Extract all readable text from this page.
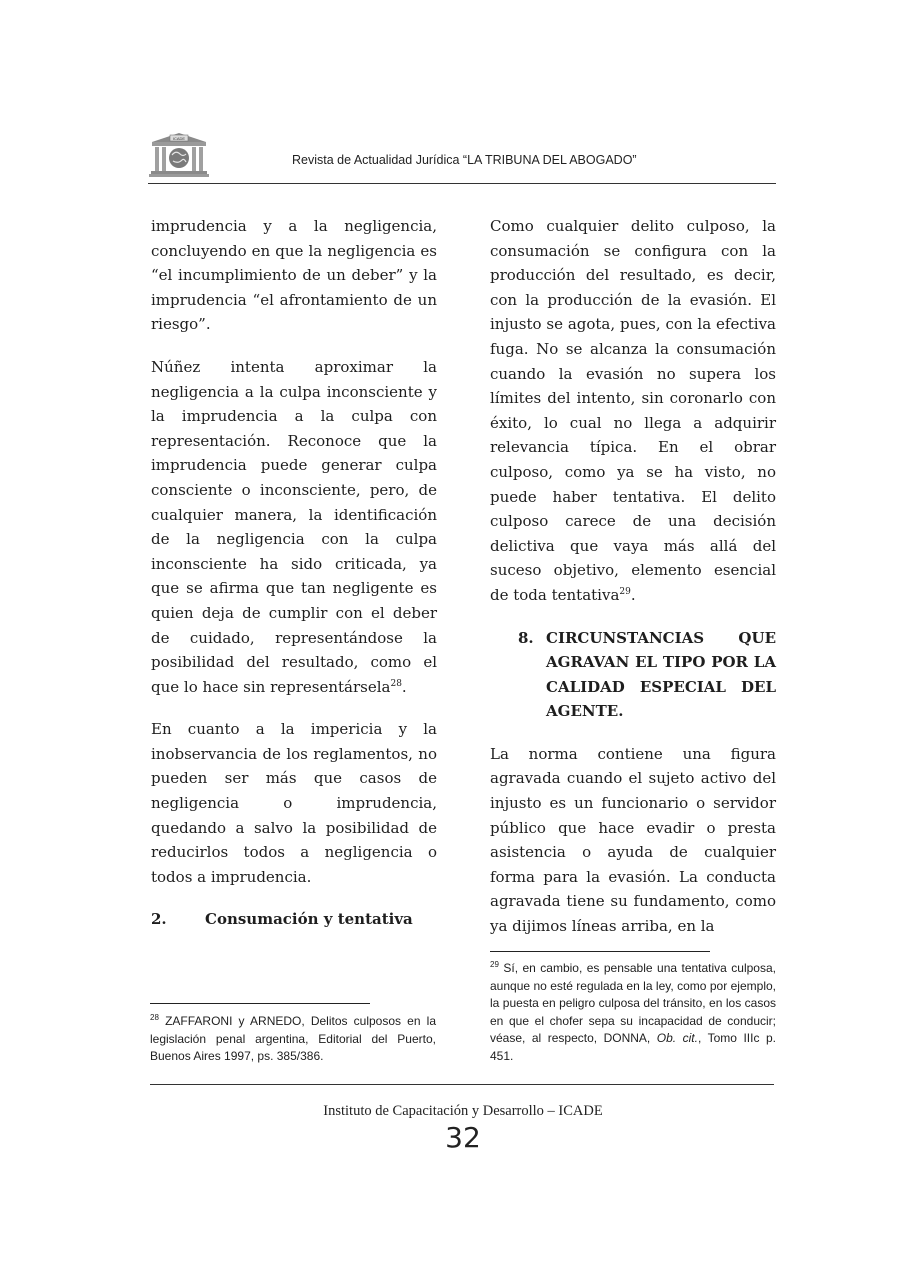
ICADE
Revista de Actualidad Jurídica “LA TRIBUNA DEL ABOGADO”

imprudencia y a la negligencia, concluyendo en que la negligencia es “el incumplimiento de un deber” y la imprudencia “el afrontamiento de un riesgo”.

Núñez intenta aproximar la negligencia a la culpa inconsciente y la imprudencia a la culpa con representación. Reconoce que la imprudencia puede generar culpa consciente o inconsciente, pero, de cualquier manera, la identificación de la negligencia con la culpa inconsciente ha sido criticada, ya que se afirma que tan negligente es quien deja de cumplir con el deber de cuidado, representándose la posibilidad del resultado, como el que lo hace sin representársela$^{28}$.

En cuanto a la impericia y la inobservancia de los reglamentos, no pueden ser más que casos de negligencia o imprudencia, quedando a salvo la posibilidad de reducirlos todos a negligencia o todos a imprudencia.

2.	Consumación y tentativa

Como cualquier delito culposo, la consumación se configura con la producción del resultado, es decir, con la producción de la evasión. El injusto se agota, pues, con la efectiva fuga. No se alcanza la consumación cuando la evasión no supera los límites del intento, sin coronarlo con éxito, lo cual no llega a adquirir relevancia típica. En el obrar culposo, como ya se ha visto, no puede haber tentativa. El delito culposo carece de una decisión delictiva que vaya más allá del suceso objetivo, elemento esencial de toda tentativa$^{29}$.

8. CIRCUNSTANCIAS QUE
AGRAVAN EL TIPO POR LA
CALIDAD ESPECIAL DEL
AGENTE.

La norma contiene una figura agravada cuando el sujeto activo del injusto es un funcionario o servidor público que hace evadir o presta asistencia o ayuda de cualquier forma para la evasión. La conducta agravada tiene su fundamento, como ya dijimos líneas arriba, en la

$^{28}$ ZAFFARONI y ARNEDO, Delitos culposos en la legislación penal argentina, Editorial del Puerto, Buenos Aires 1997, ps. 385/386.
$^{29}$ Sí, en cambio, es pensable una tentativa culposa, aunque no esté regulada en la ley, como por ejemplo, la puesta en peligro culposa del tránsito, en los casos en que el chofer sepa su incapacidad de conducir; véase, al respecto, DONNA, Ob. cit., Tomo IIIc p. 451.
Instituto de Capacitación y Desarrollo – ICADE
32
